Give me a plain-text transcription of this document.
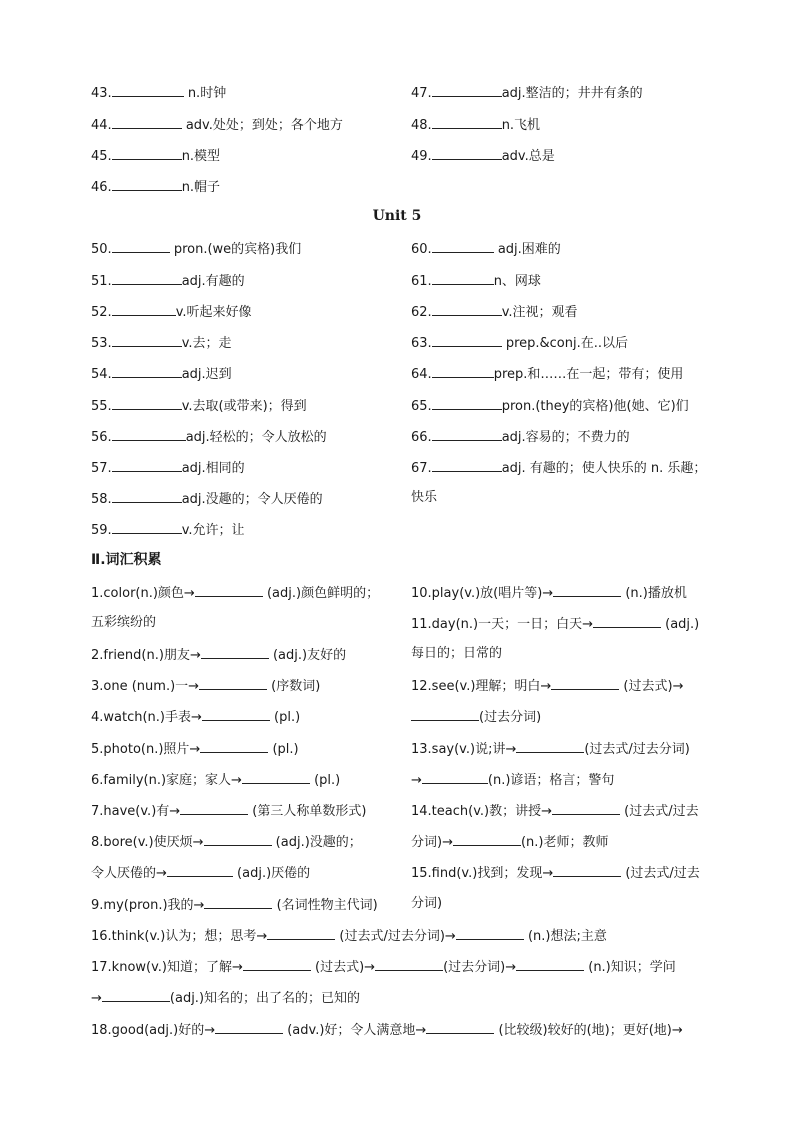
43.	n.时钟
44.	adv.处处；到处；各个地方
45.	n.模型
46.	n.帽子
47.	adj.整洁的；井井有条的
48.	n.飞机
49.	adv.总是
Unit 5
50.	pron.(we的宾格)我们
51.	adj.有趣的
52.	v.听起来好像
53.	v.去；走
54.	adj.迟到
55.	v.去取(或带来)；得到
56.	adj.轻松的；令人放松的
57.	adj.相同的
58.	adj.没趣的；令人厌倦的
59.	v.允许；让
60.	adj.困难的
61.	n、网球
62.	v.注视；观看
63.	prep.&conj.在..以后
64.	prep.和……在一起；带有；使用
65.	pron.(they的宾格)他(她、它)们
66.	adj.容易的；不费力的
67.	adj. 有趣的；使人快乐的 n. 乐趣；
快乐
Ⅱ.词汇积累
1.color(n.)颜色→	(adj.)颜色鲜明的；
五彩缤纷的
2.friend(n.)朋友→	(adj.)友好的
3.one (num.)一→	(序数词)
4.watch(n.)手表→	(pl.)
5.photo(n.)照片→	(pl.)
6.family(n.)家庭；家人→	(pl.)
7.have(v.)有→	(第三人称单数形式)
8.bore(v.)使厌烦→	(adj.)没趣的；
令人厌倦的→	(adj.)厌倦的
9.my(pron.)我的→	(名词性物主代词)
10.play(v.)放(唱片等)→	(n.)播放机
11.day(n.)一天；一日；白天→	(adj.)
每日的；日常的
12.see(v.)理解；明白→	(过去式)→
(过去分词)
13.say(v.)说;讲→	(过去式/过去分词)
→	(n.)谚语；格言；警句
14.teach(v.)教；讲授→	(过去式/过去
分词)→	(n.)老师；教师
15.find(v.)找到；发现→	(过去式/过去
分词)
16.think(v.)认为；想；思考→	(过去式/过去分词)→	(n.)想法;主意
17.know(v.)知道；了解→	(过去式)→	(过去分词)→	(n.)知识；学问
→	(adj.)知名的；出了名的；已知的
18.good(adj.)好的→	(adv.)好；令人满意地→	(比较级)较好的(地)；更好(地)→
